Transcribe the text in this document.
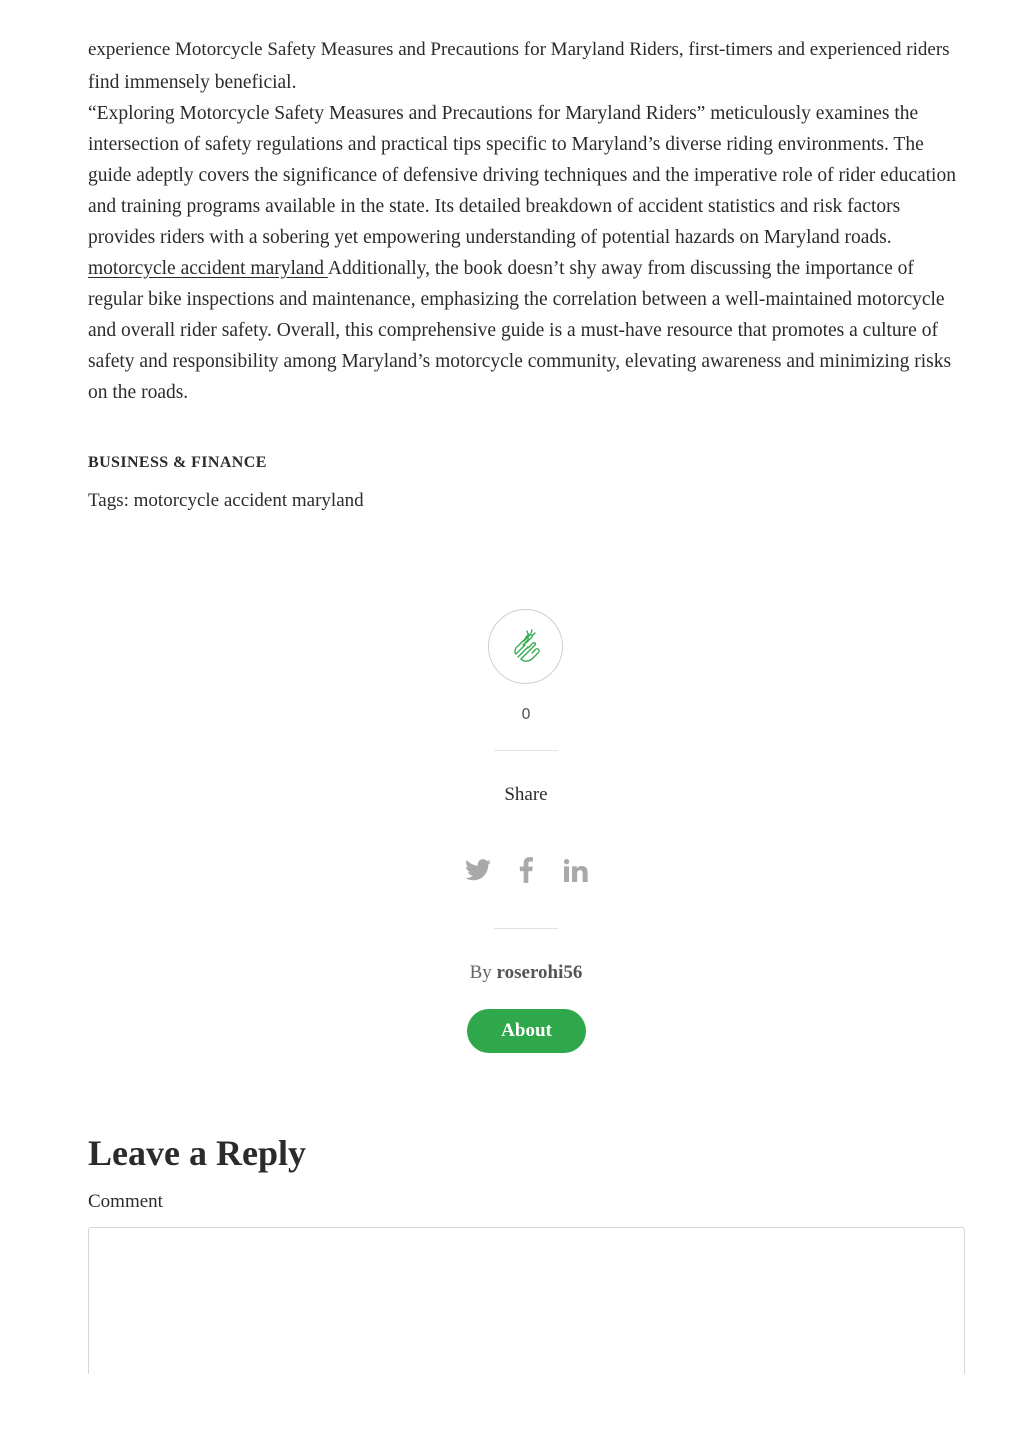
experience Motorcycle Safety Measures and Precautions for Maryland Riders, first-timers and experienced riders

find immensely beneficial.

“Exploring Motorcycle Safety Measures and Precautions for Maryland Riders” meticulously examines the intersection of safety regulations and practical tips specific to Maryland’s diverse riding environments. The guide adeptly covers the significance of defensive driving techniques and the imperative role of rider education and training programs available in the state. Its detailed breakdown of accident statistics and risk factors provides riders with a sobering yet empowering understanding of potential hazards on Maryland roads. motorcycle accident maryland Additionally, the book doesn’t shy away from discussing the importance of regular bike inspections and maintenance, emphasizing the correlation between a well-maintained motorcycle and overall rider safety. Overall, this comprehensive guide is a must-have resource that promotes a culture of safety and responsibility among Maryland’s motorcycle community, elevating awareness and minimizing risks on the roads.

BUSINESS & FINANCE
Tags: motorcycle accident maryland
0
Share
By roserohi56
About
Leave a Reply
Comment
